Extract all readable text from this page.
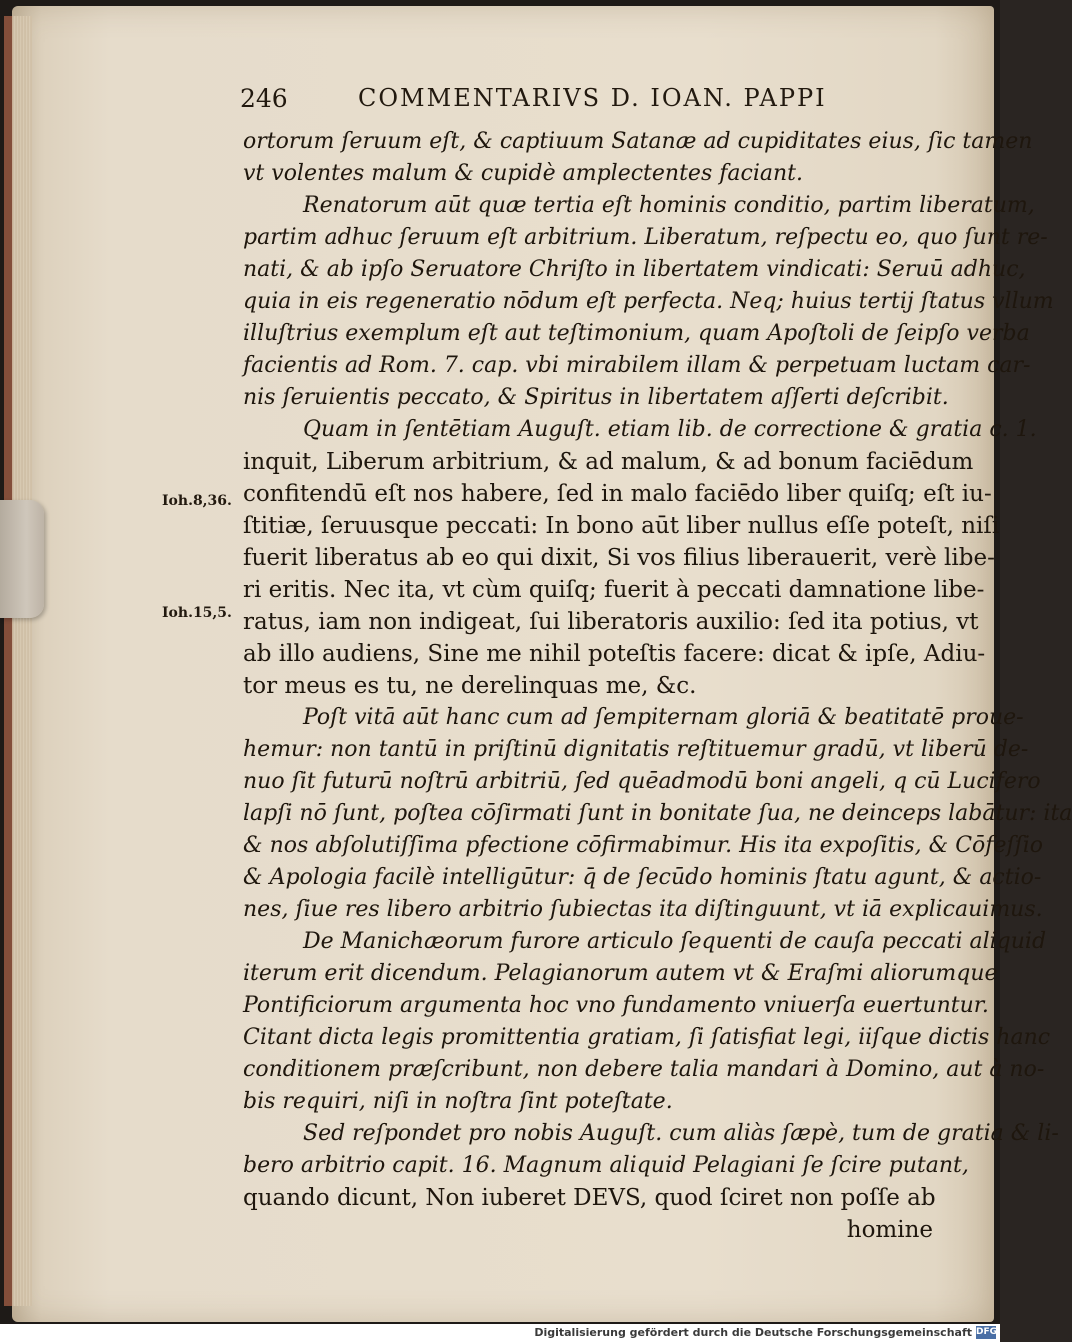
246	COMMENTARIVS D. IOAN. PAPPI
Ioh.8,36.
Ioh.15,5.
ortorum ſeruum eſt, & captiuum Satanæ ad cupiditates eius, ſic tamen
vt volentes malum & cupidè amplectentes faciant.
Renatorum aūt quæ tertia eſt hominis conditio, partim liberatum,
partim adhuc ſeruum eſt arbitrium. Liberatum, reſpectu eo, quo ſunt re-
nati, & ab ipſo Seruatore Chriſto in libertatem vindicati: Seruū adhuc,
quia in eis regeneratio nōdum eſt perfecta. Neq; huius tertij ſtatus vllum
illuſtrius exemplum eſt aut teſtimonium, quam Apoſtoli de ſeipſo verba
facientis ad Rom. 7. cap. vbi mirabilem illam & perpetuam luctam car-
nis ſeruientis peccato, & Spiritus in libertatem aſſerti deſcribit.
Quam in ſentētiam Auguſt. etiam lib. de correctione & gratia c. 1.
inquit, Liberum arbitrium, & ad malum, & ad bonum faciēdum
confitendū eſt nos habere, ſed in malo faciēdo liber quiſq; eſt iu-
ſtitiæ, ſeruusque peccati: In bono aūt liber nullus eſſe poteſt, niſi
fuerit liberatus ab eo qui dixit, Si vos filius liberauerit, verè libe-
ri eritis. Nec ita, vt cùm quiſq; fuerit à peccati damnatione libe-
ratus, iam non indigeat, ſui liberatoris auxilio: ſed ita potius, vt
ab illo audiens, Sine me nihil poteſtis facere: dicat & ipſe, Adiu-
tor meus es tu, ne derelinquas me, &c.
Poſt vitā aūt hanc cum ad ſempiternam gloriā & beatitatē proue-
hemur: non tantū in priſtinū dignitatis reſtituemur gradū, vt liberū de-
nuo ſit futurū noſtrū arbitriū, ſed quēadmodū boni angeli, q cū Lucifero
lapſi nō ſunt, poſtea cōſirmati ſunt in bonitate ſua, ne deinceps labātur: ita
& nos abſolutiſſima pfectione cōfirmabimur. His ita expoſitis, & Cōfeſſio
& Apologia facilè intelligūtur: q̄ de ſecūdo hominis ſtatu agunt, & actio-
nes, ſiue res libero arbitrio ſubiectas ita diſtinguunt, vt iā explicauimus.
De Manichæorum furore articulo ſequenti de cauſa peccati aliquid
iterum erit dicendum. Pelagianorum autem vt & Eraſmi aliorumque
Pontificiorum argumenta hoc vno fundamento vniuerſa euertuntur.
Citant dicta legis promittentia gratiam, ſi ſatisfiat legi, iiſque dictis hanc
conditionem præſcribunt, non debere talia mandari à Domino, aut à no-
bis requiri, niſi in noſtra ſint poteſtate.
Sed reſpondet pro nobis Auguſt. cum aliàs ſæpè, tum de gratia & li-
bero arbitrio capit. 16. Magnum aliquid Pelagiani ſe ſcire putant,
quando dicunt, Non iuberet DEVS, quod ſciret non poſſe ab
homine
Digitalisierung gefördert durch die Deutsche Forschungsgemeinschaft DFG
